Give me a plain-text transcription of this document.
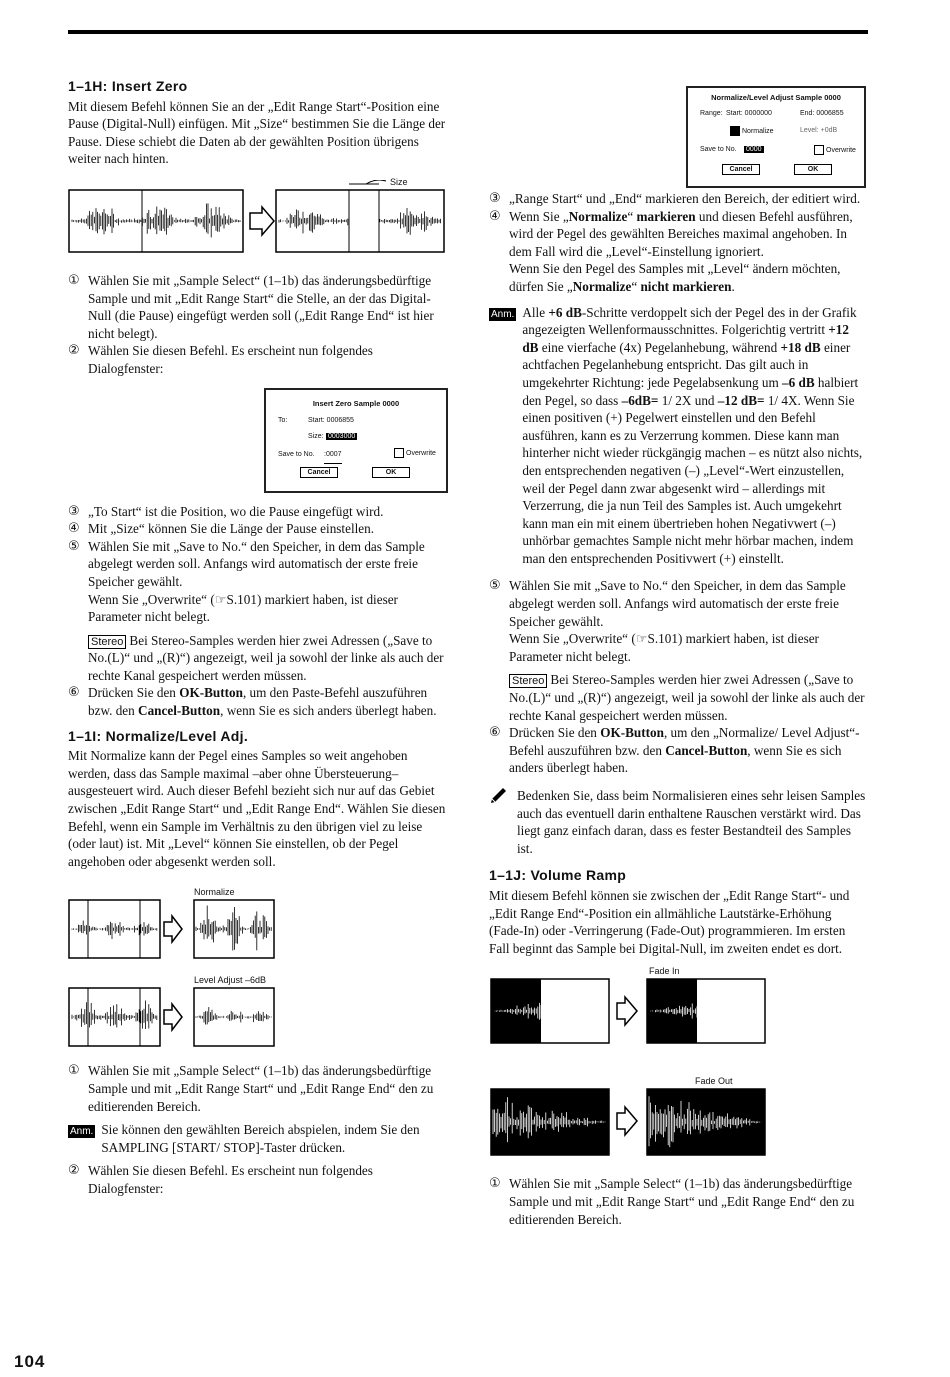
1–1H: Insert Zero

Mit diesem Befehl können Sie an der „Edit Range Start“-Position eine Pause (Digital-Null) einfügen. Mit „Size“ bestimmen Sie die Länge der Pause. Diese schiebt die Daten ab der gewählten Position übrigens weiter nach hinten.

Size
① Wählen Sie mit „Sample Select“ (1–1b) das änderungsbedürftige Sample und mit „Edit Range Start“ die Stelle, an der das Digital-Null (die Pause) eingefügt werden soll („Edit Range End“ ist hier nicht belegt).
② Wählen Sie diesen Befehl. Es erscheint nun folgendes Dialogfenster:
Insert Zero Sample 0000
To:	Start: 0006855
Size: 0003000
Save to No. :0007	Overwrite
Cancel	OK
③ „To Start“ ist die Position, wo die Pause eingefügt wird.
④ Mit „Size“ können Sie die Länge der Pause einstellen.
⑤ Wählen Sie mit „Save to No.“ den Speicher, in dem das Sample abgelegt werden soll. Anfangs wird automatisch der erste freie Speicher gewählt.

Wenn Sie „Overwrite“ (☞S.101) markiert haben, ist dieser Parameter nicht belegt.

Stereo Bei Stereo-Samples werden hier zwei Adressen („Save to No.(L)“ und „(R)“) angezeigt, weil ja sowohl der linke als auch der rechte Kanal gespeichert werden müssen.

⑥ Drücken Sie den OK-Button, um den Paste-Befehl auszuführen bzw. den Cancel-Button, wenn Sie es sich anders überlegt haben.
1–1I: Normalize/Level Adj.

Mit Normalize kann der Pegel eines Samples so weit angehoben werden, dass das Sample maximal –aber ohne Übersteuerung– ausgesteuert wird. Auch dieser Befehl bezieht sich nur auf das Gebiet zwischen „Edit Range Start“ und „Edit Range End“. Wählen Sie diesen Befehl, wenn ein Sample im Verhältnis zu den übrigen viel zu leise (oder laut) ist. Mit „Level“ können Sie einstellen, ob der Pegel angehoben oder abgesenkt werden soll.

Normalize
Level Adjust –6dB
① Wählen Sie mit „Sample Select“ (1–1b) das änderungsbedürftige Sample und mit „Edit Range Start“ und „Edit Range End“ den zu editierenden Bereich.
Anm. Sie können den gewählten Bereich abspielen, indem Sie den SAMPLING [START/ STOP]-Taster drücken.
② Wählen Sie diesen Befehl. Es erscheint nun folgendes Dialogfenster:
Normalize/Level Adjust Sample 0000
Range: Start: 0000000	End: 0006855
Normalize	Level: +0dB
Save to No. 0000	Overwrite
Cancel	OK
③ „Range Start“ und „End“ markieren den Bereich, der editiert wird.
④ Wenn Sie „Normalize“ markieren und diesen Befehl ausführen, wird der Pegel des gewählten Bereiches maximal angehoben. In dem Fall wird die „Level“-Einstellung ignoriert.
Wenn Sie den Pegel des Samples mit „Level“ ändern möchten, dürfen Sie „Normalize“ nicht markieren.
Anm. Alle +6 dB-Schritte verdoppelt sich der Pegel des in der Grafik angezeigten Wellenformausschnittes. Folgerichtig vertritt +12 dB eine vierfache (4x) Pegelanhebung, während +18 dB einer achtfachen Pegelanhebung entspricht. Das gilt auch in umgekehrter Richtung: jede Pegelabsenkung um –6 dB halbiert den Pegel, so dass –6dB= 1/ 2X und –12 dB= 1/ 4X. Wenn Sie einen positiven (+) Pegelwert einstellen und den Befehl ausführen, kann es zu Verzerrung kommen. Diese kann man hinterher nicht wieder rückgängig machen – es nützt also nichts, den entsprechenden negativen (–) „Level“-Wert einzustellen, weil der Pegel dann zwar abgesenkt wird – allerdings mit Verzerrung, die ja nun Teil des Samples ist. Auch umgekehrt kann man ein mit einem übertrieben hohen Negativwert (–) unhörbar gemachtes Sample nicht mehr hörbar machen, indem man den entsprechenden Positivwert (+) einstellt.
⑤ Wählen Sie mit „Save to No.“ den Speicher, in dem das Sample abgelegt werden soll. Anfangs wird automatisch der erste freie Speicher gewählt.

Wenn Sie „Overwrite“ (☞S.101) markiert haben, ist dieser Parameter nicht belegt.

Stereo Bei Stereo-Samples werden hier zwei Adressen („Save to No.(L)“ und „(R)“) angezeigt, weil ja sowohl der linke als auch der rechte Kanal gespeichert werden müssen.

⑥ Drücken Sie den OK-Button, um den „Normalize/ Level Adjust“-Befehl auszuführen bzw. den Cancel-Button, wenn Sie es sich anders überlegt haben.
Bedenken Sie, dass beim Normalisieren eines sehr leisen Samples auch das eventuell darin enthaltene Rauschen verstärkt wird. Das liegt ganz einfach daran, dass es fester Bestandteil des Samples ist.
1–1J: Volume Ramp

Mit diesem Befehl können sie zwischen der „Edit Range Start“- und „Edit Range End“-Position ein allmähliche Lautstärke-Erhöhung (Fade-In) oder -Verringerung (Fade-Out) programmieren. Im ersten Fall beginnt das Sample bei Digital-Null, im zweiten endet es dort.

Fade In
Fade Out
① Wählen Sie mit „Sample Select“ (1–1b) das änderungsbedürftige Sample und mit „Edit Range Start“ und „Edit Range End“ den zu editierenden Bereich.
104
